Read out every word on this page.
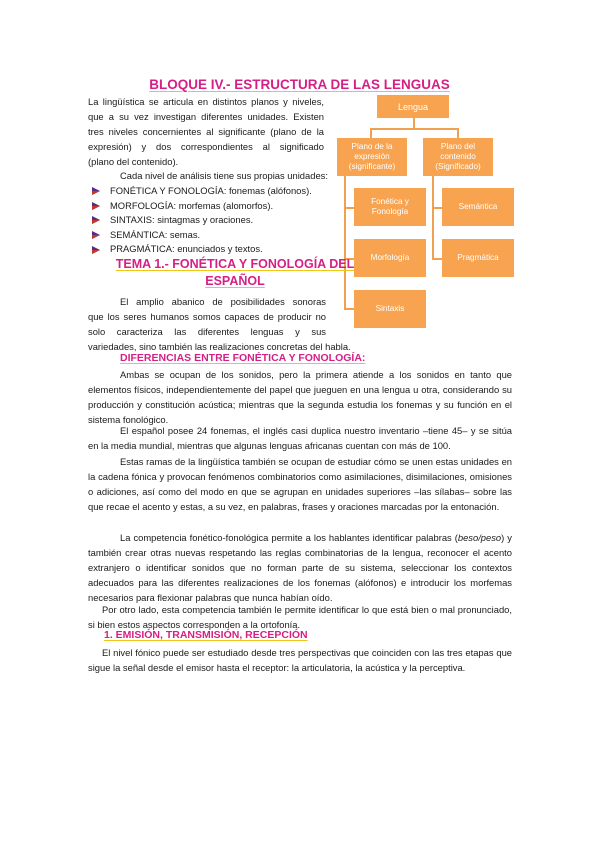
BLOQUE IV.- ESTRUCTURA DE LAS LENGUAS
La lingüística se articula en distintos planos y niveles,
que a su vez investigan diferentes unidades. Existen
tres niveles concernientes al significante (plano de la
expresión) y dos correspondientes al significado
(plano del contenido).
Cada nivel de análisis tiene sus propias unidades:
FONÉTICA Y FONOLOGÍA: fonemas (alófonos).
MORFOLOGÍA: morfemas (alomorfos).
SINTAXIS: sintagmas y oraciones.
SEMÁNTICA: semas.
PRAGMÁTICA: enunciados y textos.
Lengua
Plano de la
expresión
(significante)
Plano del
contenido
(Significado)
Fonética y
Fonología
Morfología
Sintaxis
Semántica
Pragmática
TEMA 1.- FONÉTICA Y FONOLOGÍA DEL
ESPAÑOL
El amplio abanico de posibilidades sonoras
que los seres humanos somos capaces de producir no
solo caracteriza las diferentes lenguas y sus
variedades, sino también las realizaciones concretas del habla.
DIFERENCIAS ENTRE FONÉTICA Y FONOLOGÍA:
Ambas se ocupan de los sonidos, pero la primera atiende a los sonidos en tanto que elementos físicos, independientemente del papel que jueguen en una lengua u otra, considerando su producción y constitución acústica; mientras que la segunda estudia los fonemas y su función en el sistema fonológico.
El español posee 24 fonemas, el inglés casi duplica nuestro inventario –tiene 45– y se sitúa en la media mundial, mientras que algunas lenguas africanas cuentan con más de 100.
Estas ramas de la lingüística también se ocupan de estudiar cómo se unen estas unidades en la cadena fónica y provocan fenómenos combinatorios como asimilaciones, disimilaciones, omisiones o adiciones, así como del modo en que se agrupan en unidades superiores –las sílabas– sobre las que recae el acento y estas, a su vez, en palabras, frases y oraciones marcadas por la entonación.
La competencia fonético-fonológica permite a los hablantes identificar palabras (beso/peso) y también crear otras nuevas respetando las reglas combinatorias de la lengua, reconocer el acento extranjero o identificar sonidos que no forman parte de su sistema, seleccionar los contextos adecuados para las diferentes realizaciones de los fonemas (alófonos) e introducir los morfemas necesarios para flexionar palabras que nunca habían oído.
Por otro lado, esta competencia también le permite identificar lo que está bien o mal pronunciado, si bien estos aspectos corresponden a la ortofonía.
1. EMISIÓN, TRANSMISIÓN, RECEPCIÓN
El nivel fónico puede ser estudiado desde tres perspectivas que coinciden con las tres etapas que sigue la señal desde el emisor hasta el receptor: la articulatoria, la acústica y la perceptiva.
